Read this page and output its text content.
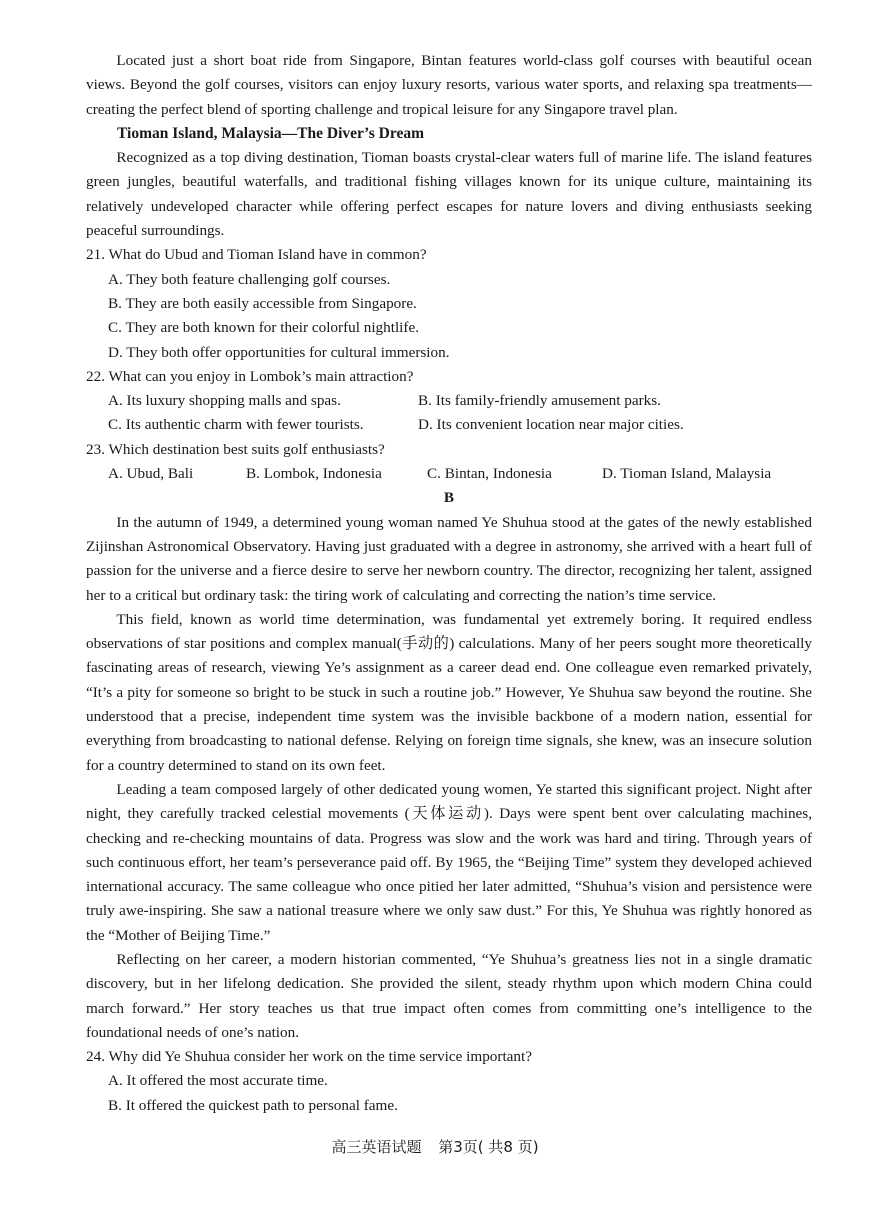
Located just a short boat ride from Singapore, Bintan features world-class golf courses with beautiful ocean views. Beyond the golf courses, visitors can enjoy luxury resorts, various water sports, and relaxing spa treatments—creating the perfect blend of sporting challenge and tropical leisure for any Singapore travel plan.

Tioman Island, Malaysia—The Diver’s Dream

Recognized as a top diving destination, Tioman boasts crystal-clear waters full of marine life. The island features green jungles, beautiful waterfalls, and traditional fishing villages known for its unique culture, maintaining its relatively undeveloped character while offering perfect escapes for nature lovers and diving enthusiasts seeking peaceful surroundings.

21. What do Ubud and Tioman Island have in common?

A. They both feature challenging golf courses.
B. They are both easily accessible from Singapore.
C. They are both known for their colorful nightlife.
D. They both offer opportunities for cultural immersion.

22. What can you enjoy in Lombok’s main attraction?

A. Its luxury shopping malls and spas.	B. Its family-friendly amusement parks.
C. Its authentic charm with fewer tourists.	D. Its convenient location near major cities.

23. Which destination best suits golf enthusiasts?

A. Ubud, Bali	B. Lombok, Indonesia	C. Bintan, Indonesia	D. Tioman Island, Malaysia

B

In the autumn of 1949, a determined young woman named Ye Shuhua stood at the gates of the newly established Zijinshan Astronomical Observatory. Having just graduated with a degree in astronomy, she arrived with a heart full of passion for the universe and a fierce desire to serve her newborn country. The director, recognizing her talent, assigned her to a critical but ordinary task: the tiring work of calculating and correcting the nation’s time service.

This field, known as world time determination, was fundamental yet extremely boring. It required endless observations of star positions and complex manual(手动的) calculations. Many of her peers sought more theoretically fascinating areas of research, viewing Ye’s assignment as a career dead end. One colleague even remarked privately, “It’s a pity for someone so bright to be stuck in such a routine job.” However, Ye Shuhua saw beyond the routine. She understood that a precise, independent time system was the invisible backbone of a modern nation, essential for everything from broadcasting to national defense. Relying on foreign time signals, she knew, was an insecure solution for a country determined to stand on its own feet.

Leading a team composed largely of other dedicated young women, Ye started this significant project. Night after night, they carefully tracked celestial movements (天体运动). Days were spent bent over calculating machines, checking and re-checking mountains of data. Progress was slow and the work was hard and tiring. Through years of such continuous effort, her team’s perseverance paid off. By 1965, the “Beijing Time” system they developed achieved international accuracy. The same colleague who once pitied her later admitted, “Shuhua’s vision and persistence were truly awe-inspiring. She saw a national treasure where we only saw dust.” For this, Ye Shuhua was rightly honored as the “Mother of Beijing Time.”

Reflecting on her career, a modern historian commented, “Ye Shuhua’s greatness lies not in a single dramatic discovery, but in her lifelong dedication. She provided the silent, steady rhythm upon which modern China could march forward.” Her story teaches us that true impact often comes from committing one’s intelligence to the foundational needs of one’s nation.

24. Why did Ye Shuhua consider her work on the time service important?

A. It offered the most accurate time.
B. It offered the quickest path to personal fame.
高三英语试题 第3页( 共8 页)
